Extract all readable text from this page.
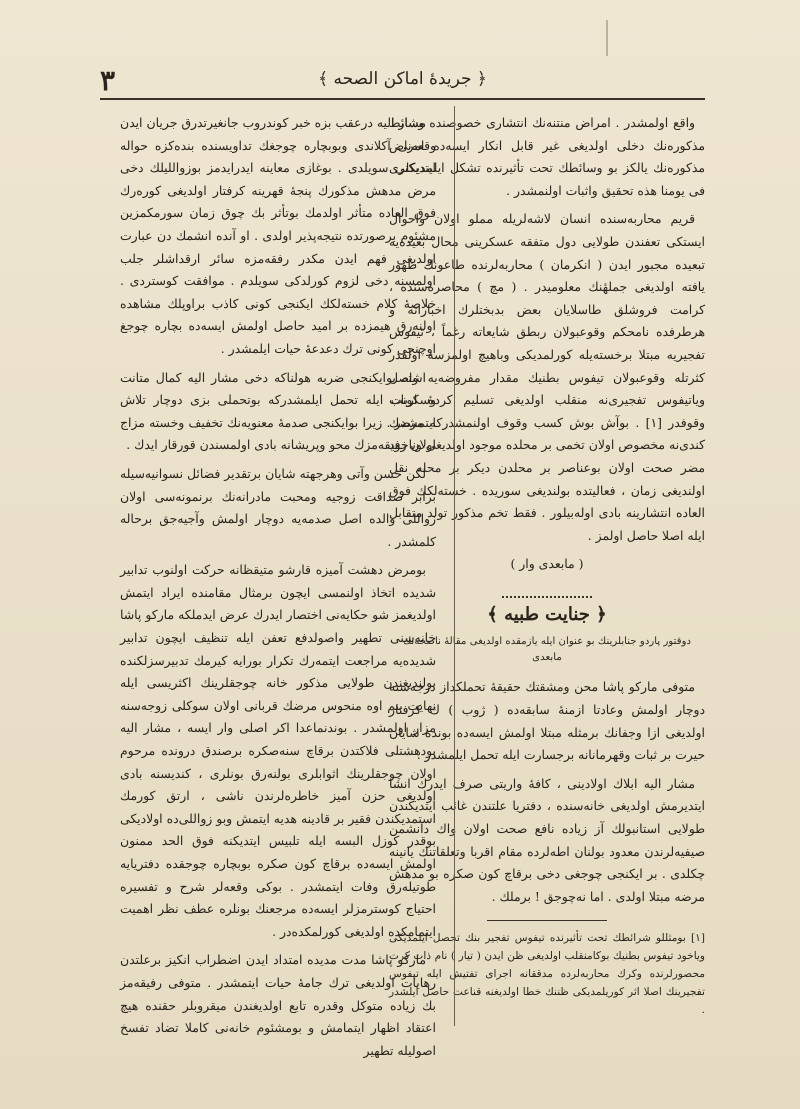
﴿ جريدهٔ اماكن الصحه ﴾
٣

واقع اولمشدر . امراض منتنه‌نك انتشارى خصوصنده وسائط مذكوره‌نك دخلى اولديغى غير قابل انكار ايسه‌ده امراض مذكوره‌نك يالكز بو وسائطك تحت تأثيرنده تشكل ايلمديكلرى فى يومنا هذه تحقيق واثبات اولنمشدر .

قريم محاربه‌سنده انسان لاشه‌لريله مملو اولان واحوال ايستكى تعفندن طولايى دول متفقه عسكرينى محال بعيده‌يه تبعيده مجبور ايدن ( انكرمان ) محاربه‌لرنده طاعونك ظهور يافته اولديغى جملهٔنك معلوميدر . ( مچ ) محاصره‌سنده ، كرامت فروشلق طاسلايان بعض بدبختلرك اخباراته و هرطرفده نامحكم وقوعبولان ربطق شايعاته رغماً ، تيفوس تفجيريه مبتلا برخسته‌يله كورلمديكى وباهيچ اولمزسه اولقدر كثرتله وقوعبولان تيفوس بطنيك مقدار مفروضه‌يه واصل وياتيفوس تفجيرى‌نه منقلب اولديغى تسليم كردهٔ ارباب وقوفدر [١] . بوآش بوش كسب وقوف اولنمشدركه مرضك كندى‌نه مخصوص اولان تخمى بر محلده موجود اولديغى وياخود مضر صحت اولان بوعناصر بر محلدن ديكر بر محله نقل اولنديغى زمان ، فعاليتده بولنديغى سوريده . خسته‌لكك فوق العاده انتشارينه بادى اوله‌بيلور . فقط تخم مذكور تولد متقابل ايله اصلا حاصل اولمز .

( مابعدى وار )

﴿ جنايت طبيه ﴾
دوقتور پاردو جنابلرينك بو عنوان ايله يازمقده اولديغى مقالهٔ ناصحه‌نك مابعدى

متوفى ماركو پاشا محن ومشقتك حقيقهٔ تحملكداز درجه‌سنه دوچار اولمش وعادتا ازمنهٔ سابقه‌ده ( ژوب ) ك كرفتار اولديغى ازا وجفانك برمثله مبتلا اولمش ايسه‌ده بونده شايان حيرت بر ثبات وقهرمانانه برجسارت ايله تحمل ايلمشدر .

مشار اليه ابلاك اولادينى ، كافهٔ واريتى صرف ايدرك انشا ايتديرمش اولديغى خانه‌سنده ، دفتريا علتندن غائب ايتديكندن طولايى استانبولك آز زياده نافع صحت اولان واك دانشمن صيفيه‌لرندن معدود بولنان اطه‌لرده مقام اقربا وتعلقاتنك يانينه چكلدى . بر ايكنجى چوجغى دخى برقاچ كون صكره بو مدهش مرضه مبتلا اولدى . اما نه‌چوجق ! برملك .

[١] بومثللو شرائطك تحت تأثيرنده تيفوس تفجير بنك تحصل ايلمديكى وياخود تيفوس بطنيك بوكامنقلب اولديغى ظن ايدن ( تيار ) نام ذات كرت محصورلرنده وكرك محاربه‌لرده مدققانه اجراى تفتيش ايله تيفوس تفجيرينك اصلا اثر كوريلمديكى ظننك خطا اولديغنه قناعت حاصل ايلشدر .

مشار اليه درعقب بزه خبر كوندروب جانغيرتدرق جريان ايدن وقعه‌نى آكلاندى وبوبچاره چوجغك تداويسنده بنده‌كزه حواله ايتديكنى سويلدى . بوغازى معاينه ايدرايدمز بوزوالليلك دخى مرض مدهش مذكورك پنجهٔ قهرينه كرفتار اولديغى كوره‌رك فوق العاده متأثر اولدمك بوتأثر بك چوق زمان سورمكمزين مشئوم برصورتده نتيجه‌پذير اولدى . او آنده انشمك دن عبارت اولديغى فهم ايدن مكدر رفقه‌مزه سائر ارقداشلر جلب اولمسنه دخى لزوم كورلدكى سويلدم . موافقت كوستردى . خلاصهٔ كلام خسته‌لكك ايكنجى كونى كاذب براوپلك مشاهده اولنه‌رق هيمزده بر اميد حاصل اولمش ايسه‌ده بچاره چوجغ اوچنجى كونى ترك دعدعهٔ حيات ايلمشدر .

اشته بوايكنجى ضربه هولناكه دخى مشار اليه كمال متانت وسكونت ايله تحمل ايلمشدركه بوتحملى بزى دوچار تلاش ايتمشدر . زيرا بوايكنجى صدمهٔ معنويه‌نك تخفيف وخسته مزاج اولان رفيقه‌مزك محو وپريشانه بادى اولمسندن قورقار ايدك .

لكن حسن وآتى وهرجهته شايان برتقدير فضائل نسوانيه‌سيله برابر صداقت زوجيه ومحبت مادرانه‌نك برنمونه‌سى اولان زواللى والده اصل صدمه‌يه دوچار اولمش وآجيه‌جق برحاله كلمشدر .

بومرض دهشت آميزه قارشو متيقظانه حركت اولنوب تدابير شديده اتخاذ اولنمسى ايچون برمثال مقامنده ايراد ايتمش اولديغمز شو حكايه‌نى اختصار ايدرك عرض ايدملكه ماركو پاشا خانه‌سنى تطهير واصولدفع تعفن ايله تنظيف ايچون تدابير شديده‌يه مراجعت ايتمه‌رك تكرار بورايه كيرمك تدبيرسزلكنده بولنديغندن طولايى مذكور خانه چوجقلرينك اكثريسى ايله نهايت بنم اوه منحوس مرضك قربانى اولان سوكلى زوجه‌سنه مزار اولمشدر . بوندنماعدا اكر اصلى وار ايسه ، مشار اليه بودهشتلى فلاكتدن برقاچ سنه‌صكره برصندق درونده مرحوم اولان چوجقلرينك اثوابلرى بولنه‌رق بونلرى ، كنديسنه بادى اولديغى حزن آميز خاطره‌لرندن ناشى ، ارتق كورمك استمديكندن فقير بر قادينه هديه ايتمش وبو زواللى‌ده اولاديكى بوقدر كوزل البسه ايله تلبيس ايتديكنه فوق الحد ممنون اولمش ايسه‌ده برقاچ كون صكره بوبچاره چوجقده دفتريايه طوتيله‌رق وفات ايتمشدر . بوكى وقعه‌لر شرح و تفسيره احتياج كوسترمزلر ايسه‌ده مرجعنك بونلره عطف نظر اهميت ايتمامكده اولديغى كورلمكده‌در .

ماركو پاشا مدت مديده امتداد ايدن اضطراب انكيز برعلتدن رهايات اولديغى ترك جامهٔ حيات ايتمشدر . متوفى رفيقه‌مز بك زياده متوكل وقدره تابع اولديغندن ميقروبلر حقنده هيچ اعتقاد اظهار ايتمامش و بومشئوم خانه‌نى كاملا تضاد تفسخ اصوليله تطهير
